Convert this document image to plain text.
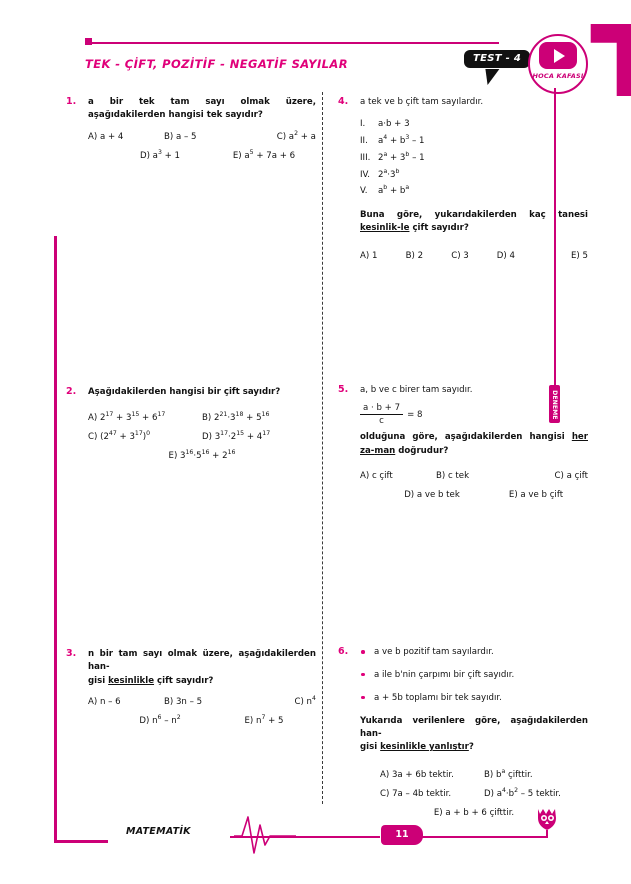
TEK - ÇİFT, POZİTİF - NEGATİF SAYILAR	TEST - 4
HOCA KAFASI
DENEME
1.	a bir tek tam sayı olmak üzere, aşağıdakilerden hangisi tek sayıdır?
A) a + 4	B) a – 5	C) $a^2 + a$
D) $a^3 + 1$	E) $a^5 + 7a + 6$
2.	Aşağıdakilerden hangisi bir çift sayıdır?
A) $2^{17} + 3^{15} + 6^{17}$	B) $2^{21}\cdot 3^{18} + 5^{16}$
C) $(2^{47} + 3^{17})^0$	D) $3^{17}\cdot 2^{15} + 4^{17}$
E) $3^{16}\cdot 5^{16} + 2^{16}$
3.	n bir tam sayı olmak üzere, aşağıdakilerden han-
gisi kesinlikle çift sayıdır?
A) n – 6	B) 3n – 5	C) $n^4$
D) $n^6 - n^2$	E) $n^7 + 5$
4.	a tek ve b çift tam sayılardır.
I. a·b + 3
II. $a^4 + b^3 - 1$
III. $2^a + 3^b - 1$
IV. $2^a\cdot 3^b$
V. $a^b + b^a$
Buna göre, yukarıdakilerden kaç tanesi kesinlik-le çift sayıdır?
A) 1	B) 2	C) 3	D) 4	E) 5
5.	a, b ve c birer tam sayıdır.
$\frac{a \cdot b + 7}{c} = 8$
olduğuna göre, aşağıdakilerden hangisi her za-man doğrudur?
A) c çift	B) c tek	C) a çift
D) a ve b tek	E) a ve b çift
6.	a ve b pozitif tam sayılardır.
a ile b'nin çarpımı bir çift sayıdır.
a + 5b toplamı bir tek sayıdır.
Yukarıda verilenlere göre, aşağıdakilerden han-
gisi kesinlikle yanlıştır?
A) 3a + 6b tektir.	B) $b^a$ çifttir.
C) 7a – 4b tektir.	D) $a^4\cdot b^2 - 5$ tektir.
E) a + b + 6 çifttir.
MATEMATİK	11
